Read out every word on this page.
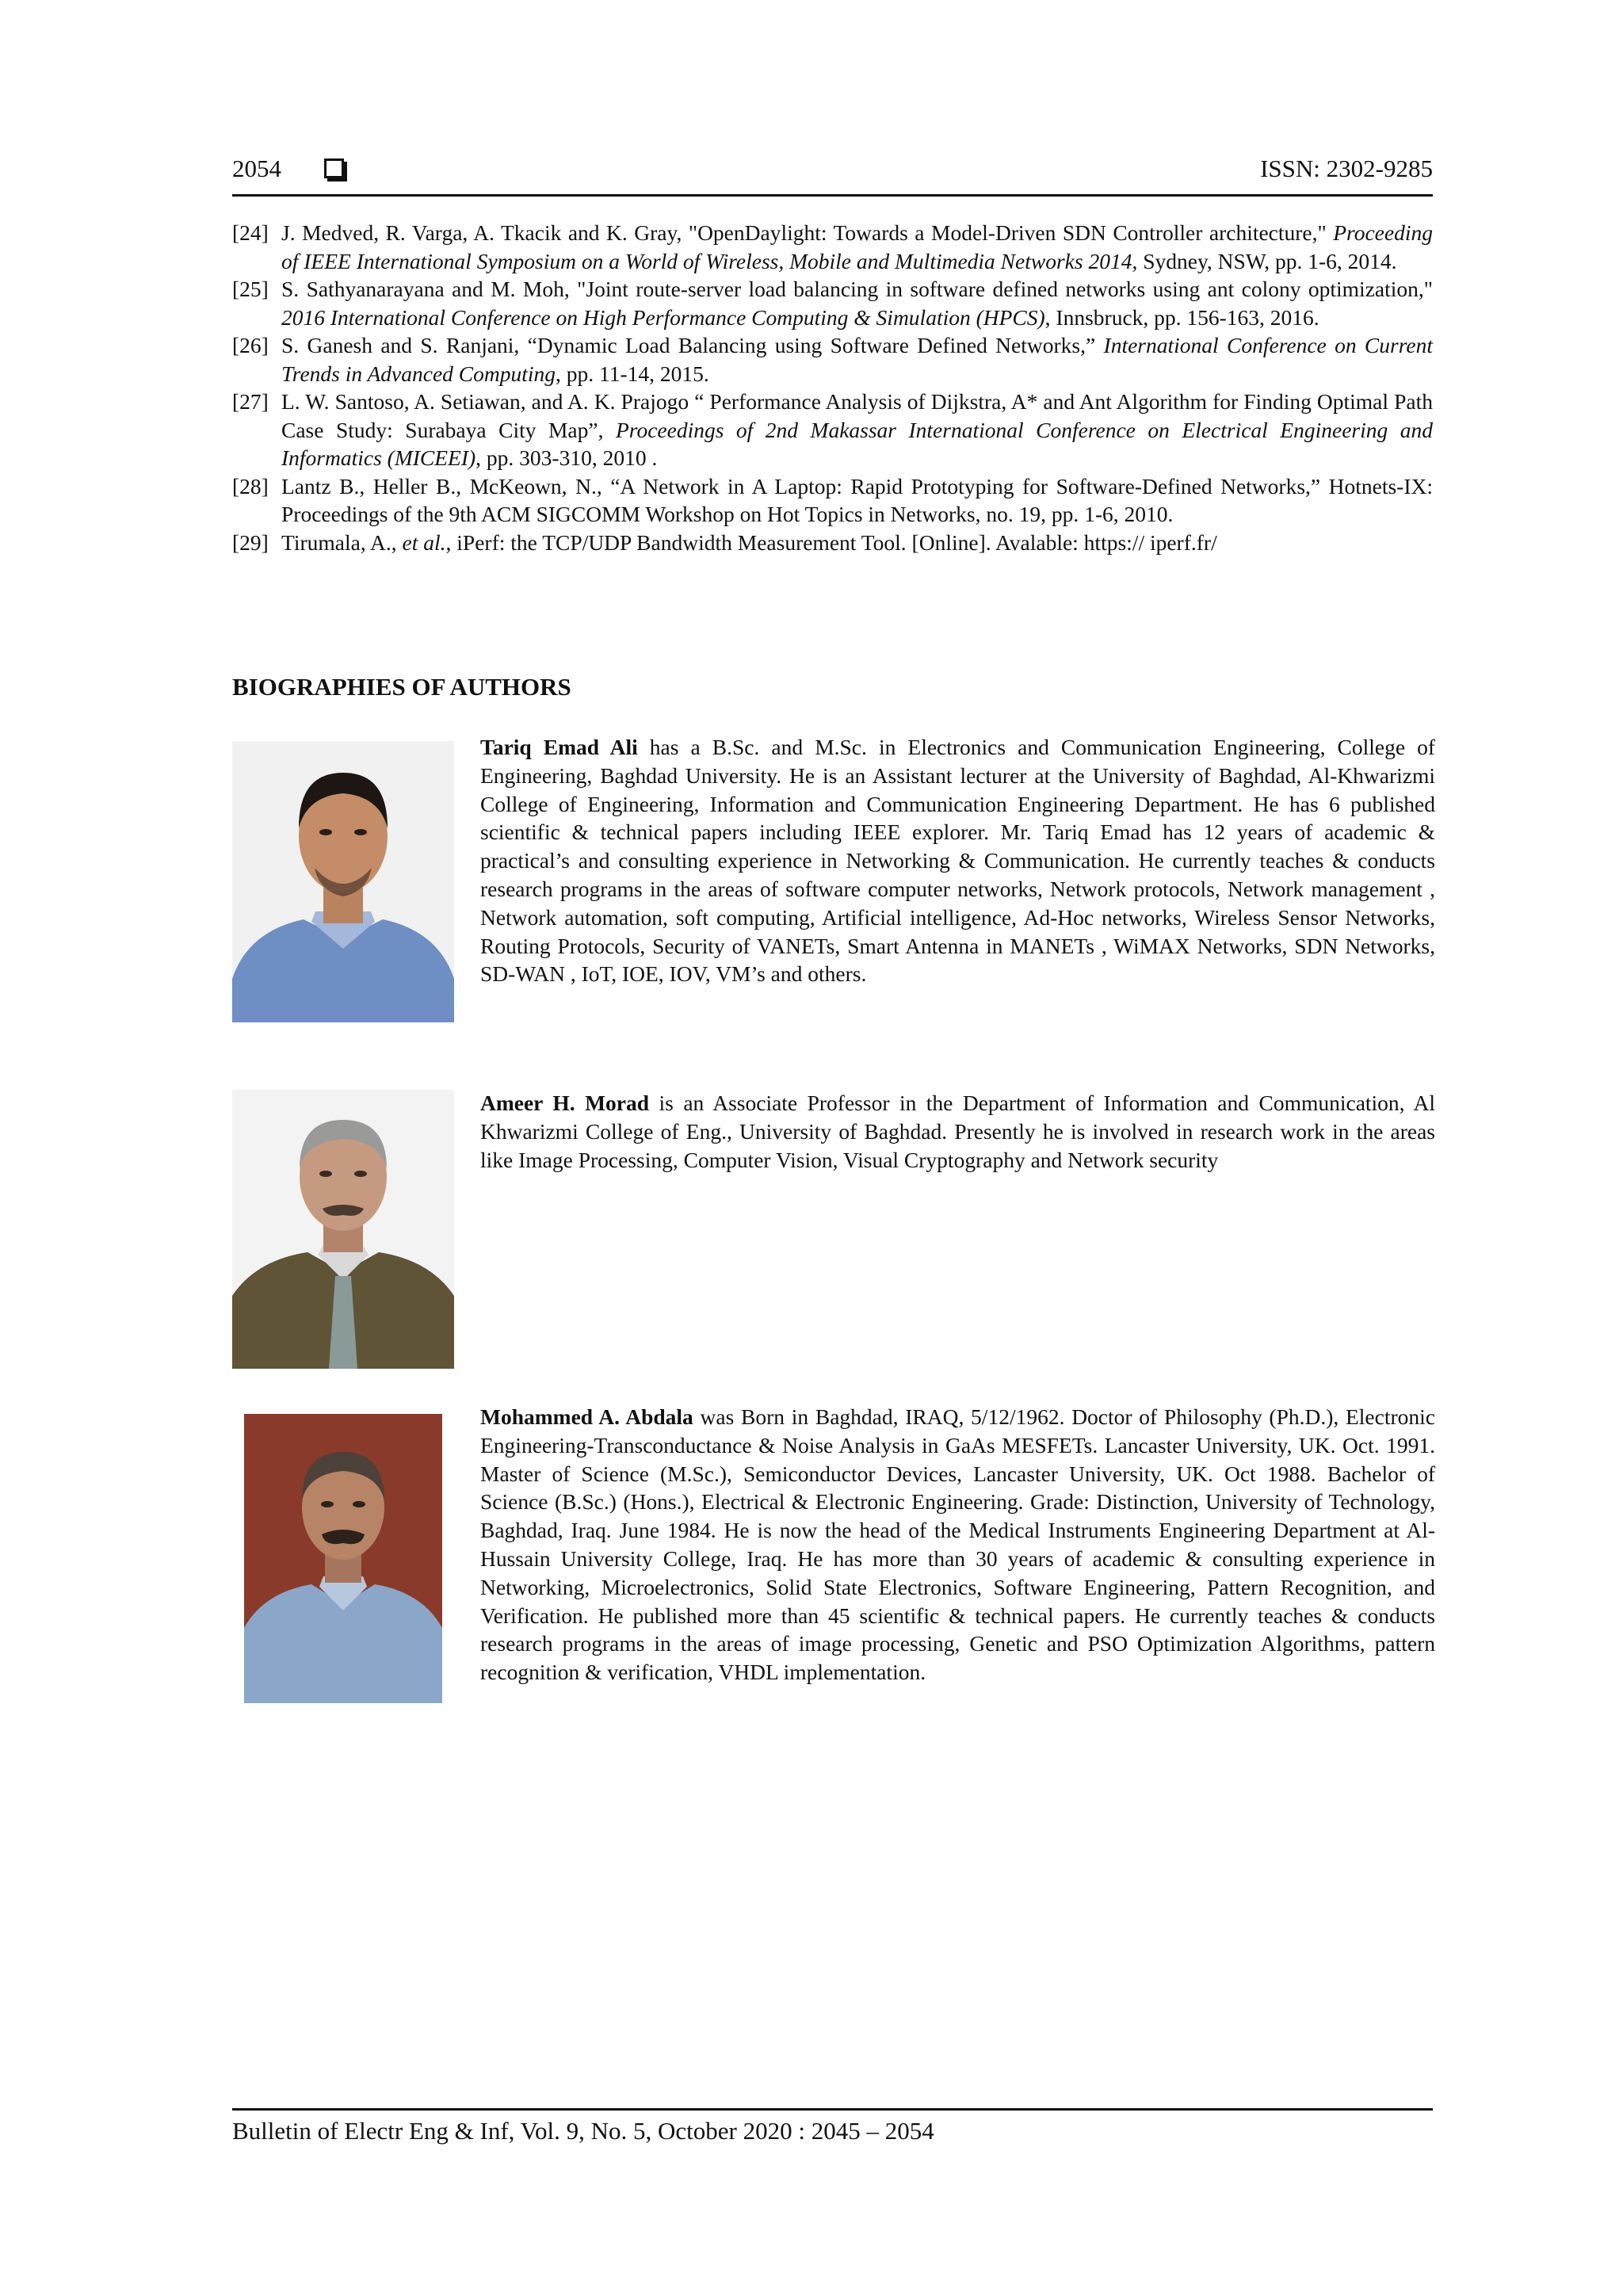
2054	ISSN: 2302-9285
[24] J. Medved, R. Varga, A. Tkacik and K. Gray, "OpenDaylight: Towards a Model-Driven SDN Controller architecture," Proceeding of IEEE International Symposium on a World of Wireless, Mobile and Multimedia Networks 2014, Sydney, NSW, pp. 1-6, 2014.
[25] S. Sathyanarayana and M. Moh, "Joint route-server load balancing in software defined networks using ant colony optimization," 2016 International Conference on High Performance Computing & Simulation (HPCS), Innsbruck, pp. 156-163, 2016.
[26] S. Ganesh and S. Ranjani, “Dynamic Load Balancing using Software Defined Networks,” International Conference on Current Trends in Advanced Computing, pp. 11-14, 2015.
[27] L. W. Santoso, A. Setiawan, and A. K. Prajogo “ Performance Analysis of Dijkstra, A* and Ant Algorithm for Finding Optimal Path Case Study: Surabaya City Map”, Proceedings of 2nd Makassar International Conference on Electrical Engineering and Informatics (MICEEI), pp. 303-310, 2010 .
[28] Lantz B., Heller B., McKeown, N., “A Network in A Laptop: Rapid Prototyping for Software-Defined Networks,” Hotnets-IX: Proceedings of the 9th ACM SIGCOMM Workshop on Hot Topics in Networks, no. 19, pp. 1-6, 2010.
[29] Tirumala, A., et al., iPerf: the TCP/UDP Bandwidth Measurement Tool. [Online]. Avalable: https:// iperf.fr/
BIOGRAPHIES OF AUTHORS
Tariq Emad Ali has a B.Sc. and M.Sc. in Electronics and Communication Engineering, College of Engineering, Baghdad University. He is an Assistant lecturer at the University of Baghdad, Al-Khwarizmi College of Engineering, Information and Communication Engineering Department. He has 6 published scientific & technical papers including IEEE explorer. Mr. Tariq Emad has 12 years of academic & practical’s and consulting experience in Networking & Communication. He currently teaches & conducts research programs in the areas of software computer networks, Network protocols, Network management , Network automation, soft computing, Artificial intelligence, Ad-Hoc networks, Wireless Sensor Networks, Routing Protocols, Security of VANETs, Smart Antenna in MANETs , WiMAX Networks, SDN Networks, SD-WAN , IoT, IOE, IOV, VM’s and others.
Ameer H. Morad is an Associate Professor in the Department of Information and Communication, Al Khwarizmi College of Eng., University of Baghdad. Presently he is involved in research work in the areas like Image Processing, Computer Vision, Visual Cryptography and Network security
Mohammed A. Abdala was Born in Baghdad, IRAQ, 5/12/1962. Doctor of Philosophy (Ph.D.), Electronic Engineering-Transconductance & Noise Analysis in GaAs MESFETs. Lancaster University, UK. Oct. 1991. Master of Science (M.Sc.), Semiconductor Devices, Lancaster University, UK. Oct 1988. Bachelor of Science (B.Sc.) (Hons.), Electrical & Electronic Engineering. Grade: Distinction, University of Technology, Baghdad, Iraq. June 1984. He is now the head of the Medical Instruments Engineering Department at Al-Hussain University College, Iraq. He has more than 30 years of academic & consulting experience in Networking, Microelectronics, Solid State Electronics, Software Engineering, Pattern Recognition, and Verification. He published more than 45 scientific & technical papers. He currently teaches & conducts research programs in the areas of image processing, Genetic and PSO Optimization Algorithms, pattern recognition & verification, VHDL implementation.
Bulletin of Electr Eng & Inf, Vol. 9, No. 5, October 2020 : 2045 – 2054
